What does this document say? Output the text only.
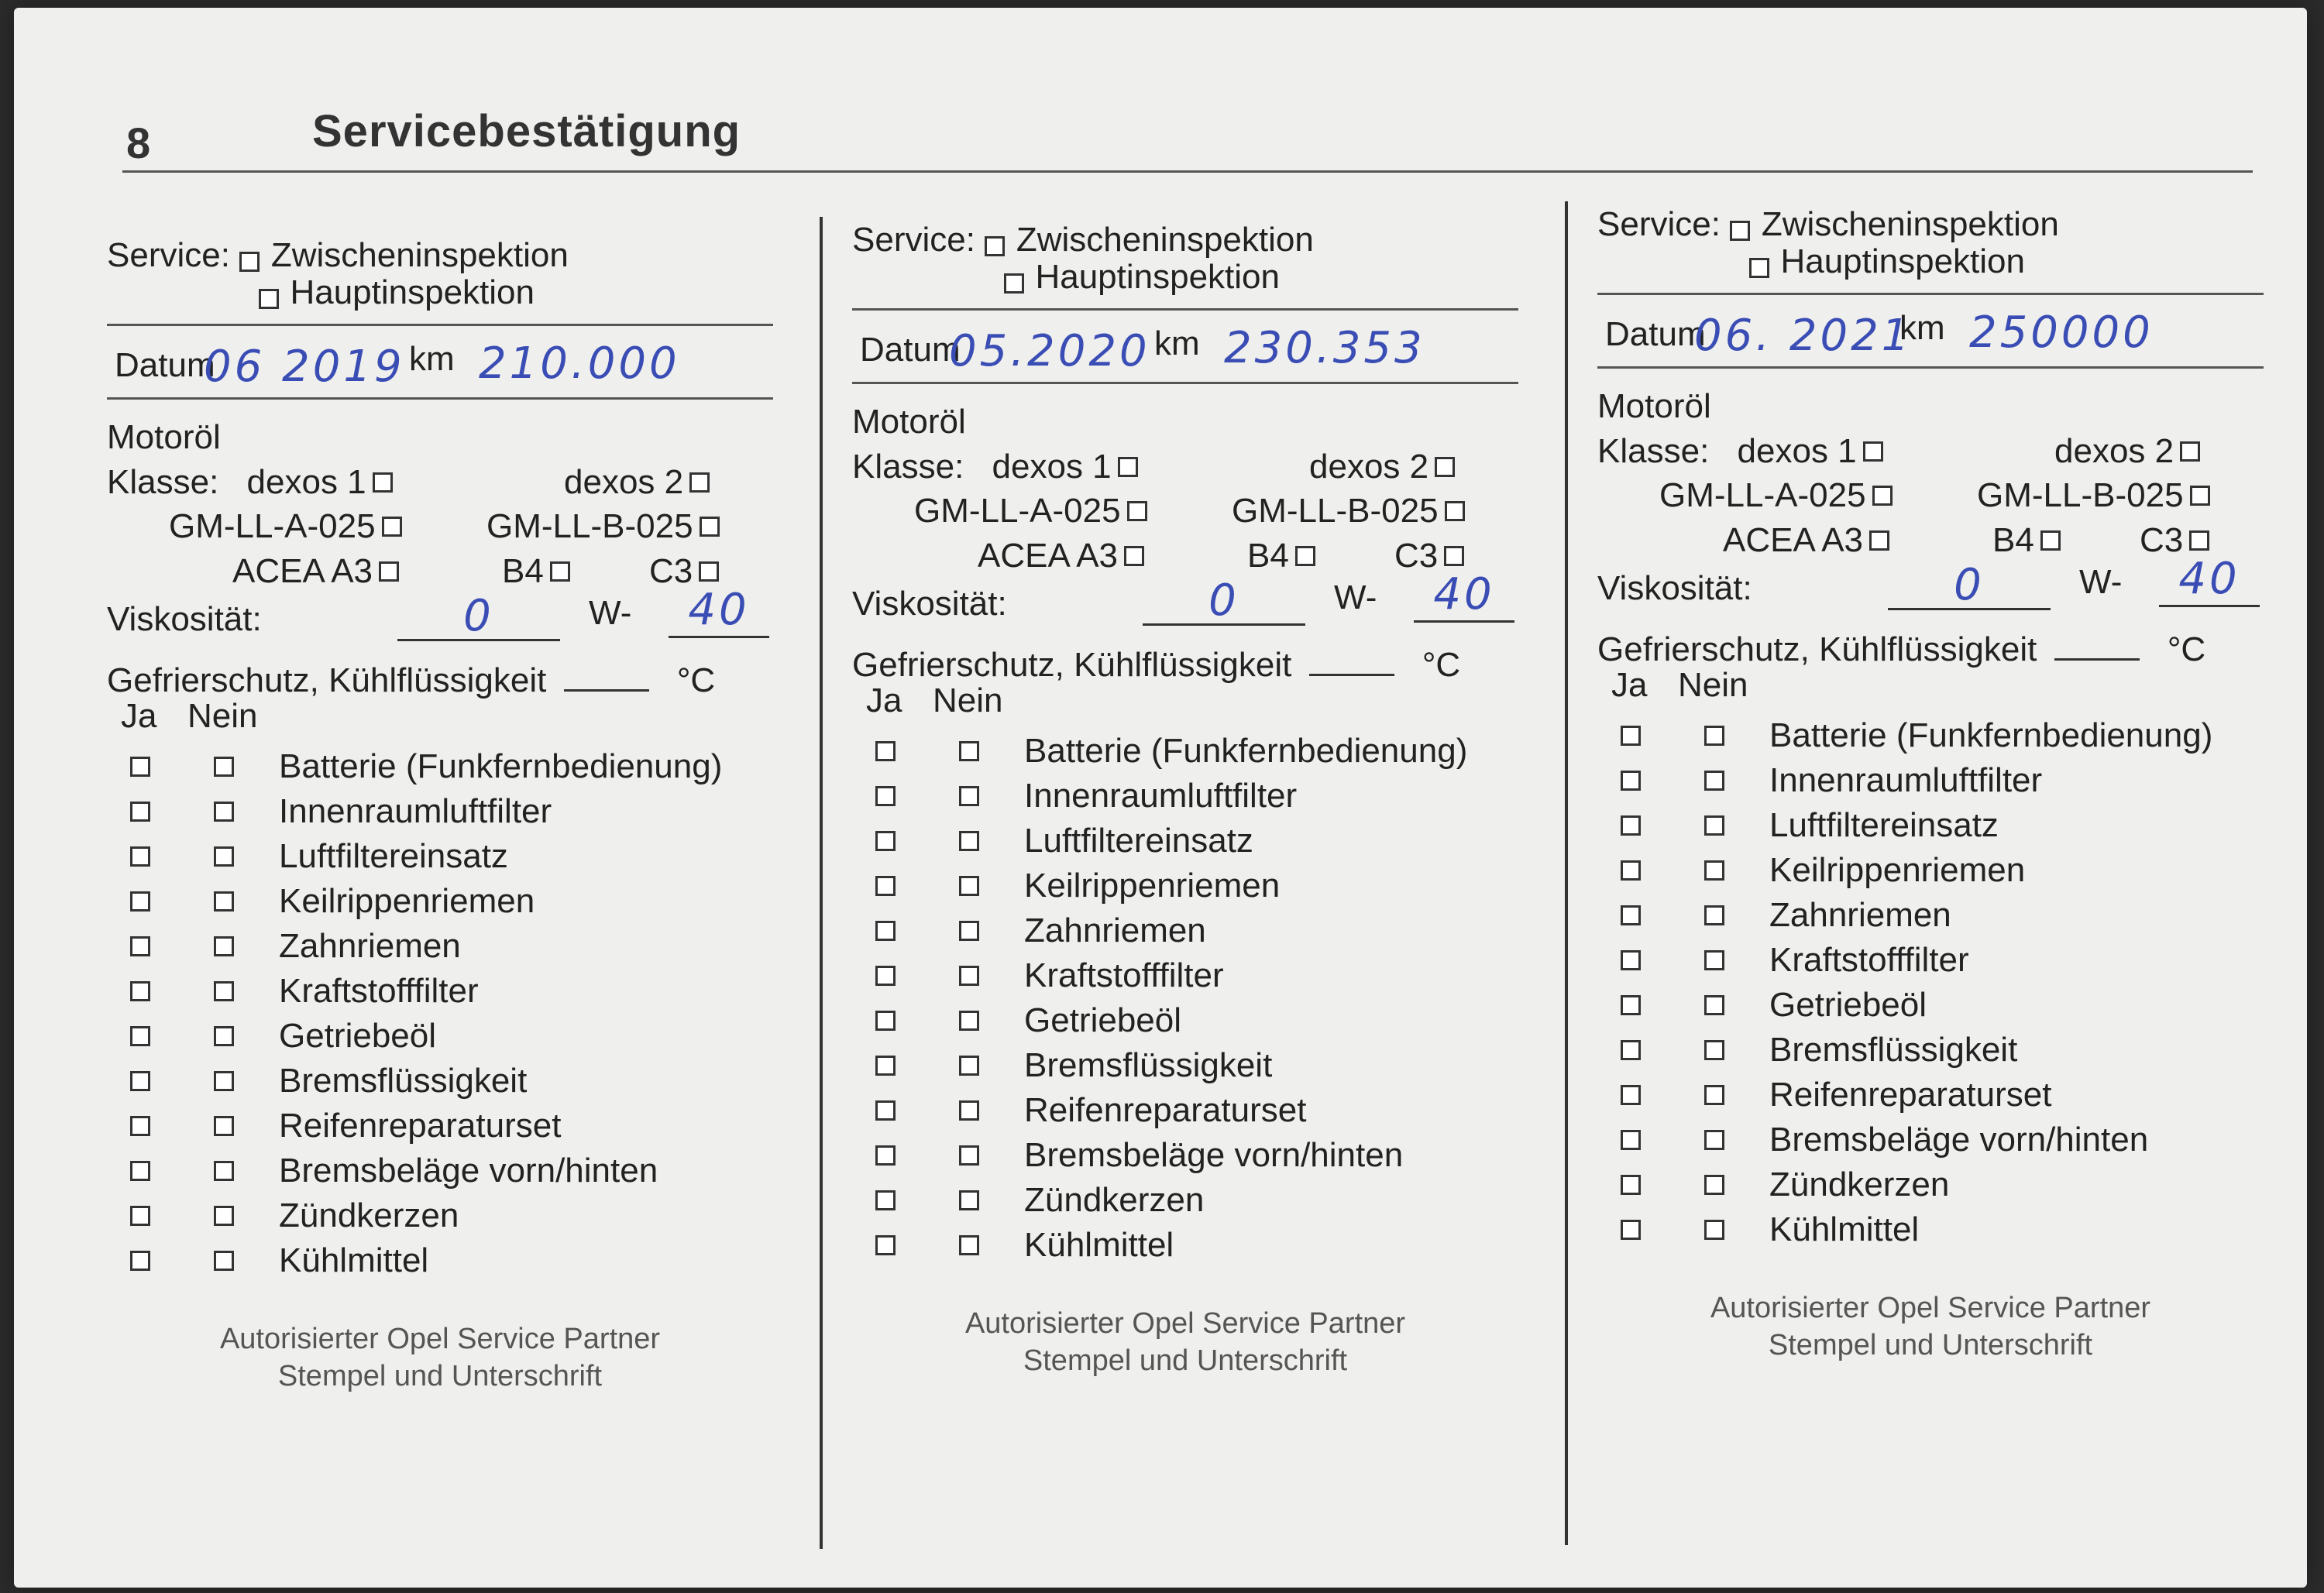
8	Servicebestätigung
Service: Zwischeninspektion
Hauptinspektion
Datum
06 2019 km 210.000
Motoröl
Klasse: dexos 1	dexos 2
GM-LL-A-025	GM-LL-B-025
ACEA A3	B4	C3
Viskosität:	0	W-	40
Gefrierschutz, Kühlflüssigkeit	°C
Ja Nein
Batterie (Funkfernbedienung)
Innenraumluftfilter
Luftfiltereinsatz
Keilrippenriemen
Zahnriemen
Kraftstofffilter
Getriebeöl
Bremsflüssigkeit
Reifenreparaturset
Bremsbeläge vorn/hinten
Zündkerzen
Kühlmittel
Autorisierter Opel Service Partner
Stempel und Unterschrift
Service: Zwischeninspektion
Hauptinspektion
Datum
05.2020 km 230.353
Motoröl
Klasse: dexos 1	dexos 2
GM-LL-A-025	GM-LL-B-025
ACEA A3	B4	C3
Viskosität:	0	W-	40
Gefrierschutz, Kühlflüssigkeit	°C
Ja Nein
Batterie (Funkfernbedienung)
Innenraumluftfilter
Luftfiltereinsatz
Keilrippenriemen
Zahnriemen
Kraftstofffilter
Getriebeöl
Bremsflüssigkeit
Reifenreparaturset
Bremsbeläge vorn/hinten
Zündkerzen
Kühlmittel
Autorisierter Opel Service Partner
Stempel und Unterschrift
Service: Zwischeninspektion
Hauptinspektion
Datum
06. 2021
km 250000
Motoröl
Klasse: dexos 1	dexos 2
GM-LL-A-025	GM-LL-B-025
ACEA A3	B4	C3
Viskosität:	0	W-	40
Gefrierschutz, Kühlflüssigkeit	°C
Ja Nein
Batterie (Funkfernbedienung)
Innenraumluftfilter
Luftfiltereinsatz
Keilrippenriemen
Zahnriemen
Kraftstofffilter
Getriebeöl
Bremsflüssigkeit
Reifenreparaturset
Bremsbeläge vorn/hinten
Zündkerzen
Kühlmittel
Autorisierter Opel Service Partner
Stempel und Unterschrift
